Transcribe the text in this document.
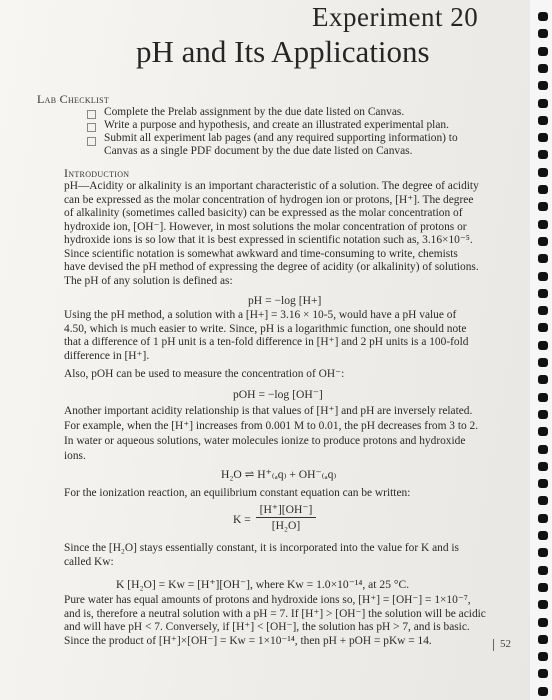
Experiment 20
pH and Its Applications
Lab Checklist
Complete the Prelab assignment by the due date listed on Canvas.
Write a purpose and hypothesis, and create an illustrated experimental plan.
Submit all experiment lab pages (and any required supporting information) to
Canvas as a single PDF document by the due date listed on Canvas.
Introduction
pH—Acidity or alkalinity is an important characteristic of a solution. The degree of acidity
can be expressed as the molar concentration of hydrogen ion or protons, [H⁺]. The degree
of alkalinity (sometimes called basicity) can be expressed as the molar concentration of
hydroxide ion, [OH⁻]. However, in most solutions the molar concentration of protons or
hydroxide ions is so low that it is best expressed in scientific notation such as, 3.16×10⁻⁵.
Since scientific notation is somewhat awkward and time-consuming to write, chemists
have devised the pH method of expressing the degree of acidity (or alkalinity) of solutions.
The pH of any solution is defined as:
pH = −log [H+]
Using the pH method, a solution with a [H+] = 3.16 × 10-5, would have a pH value of
4.50, which is much easier to write. Since, pH is a logarithmic function, one should note
that a difference of 1 pH unit is a ten-fold difference in [H⁺] and 2 pH units is a 100-fold
difference in [H⁺].
Also, pOH can be used to measure the concentration of OH⁻:
pOH = −log [OH⁻]
Another important acidity relationship is that values of [H⁺] and pH are inversely related.
For example, when the [H⁺] increases from 0.001 M to 0.01, the pH decreases from 3 to 2.
In water or aqueous solutions, water molecules ionize to produce protons and hydroxide
ions.
H₂O ⇌ H⁺₍ₐq₎ + OH⁻₍ₐq₎
For the ionization reaction, an equilibrium constant equation can be written:
K =
[H⁺][OH⁻]
[H₂O]
Since the [H₂O] stays essentially constant, it is incorporated into the value for K and is
called Kw:
K [H₂O] = Kw = [H⁺][OH⁻], where Kw = 1.0×10⁻¹⁴, at 25 °C.
Pure water has equal amounts of protons and hydroxide ions so, [H⁺] = [OH⁻] = 1×10⁻⁷,
and is, therefore a neutral solution with a pH = 7. If [H⁺] > [OH⁻] the solution will be acidic
and will have pH < 7. Conversely, if [H⁺] < [OH⁻], the solution has pH > 7, and is basic.
Since the product of [H⁺]×[OH⁻] = Kw = 1×10⁻¹⁴, then pH + pOH = pKw = 14.	52
